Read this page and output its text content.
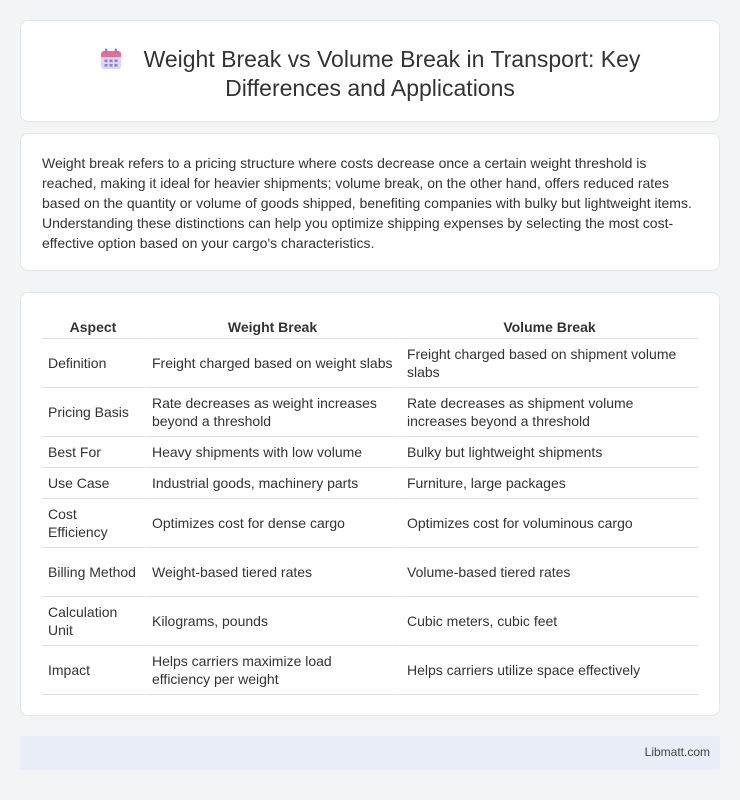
Weight Break vs Volume Break in Transport: Key Differences and Applications

Weight break refers to a pricing structure where costs decrease once a certain weight threshold is reached, making it ideal for heavier shipments; volume break, on the other hand, offers reduced rates based on the quantity or volume of goods shipped, benefiting companies with bulky but lightweight items. Understanding these distinctions can help you optimize shipping expenses by selecting the most cost-effective option based on your cargo's characteristics.

Aspect	Weight Break	Volume Break
Definition	Freight charged based on weight slabs	Freight charged based on shipment volume slabs
Pricing Basis	Rate decreases as weight increases beyond a threshold	Rate decreases as shipment volume increases beyond a threshold
Best For	Heavy shipments with low volume	Bulky but lightweight shipments
Use Case	Industrial goods, machinery parts	Furniture, large packages
Cost Efficiency	Optimizes cost for dense cargo	Optimizes cost for voluminous cargo
Billing Method	Weight-based tiered rates	Volume-based tiered rates
Calculation Unit	Kilograms, pounds	Cubic meters, cubic feet
Impact	Helps carriers maximize load efficiency per weight	Helps carriers utilize space effectively
Libmatt.com
